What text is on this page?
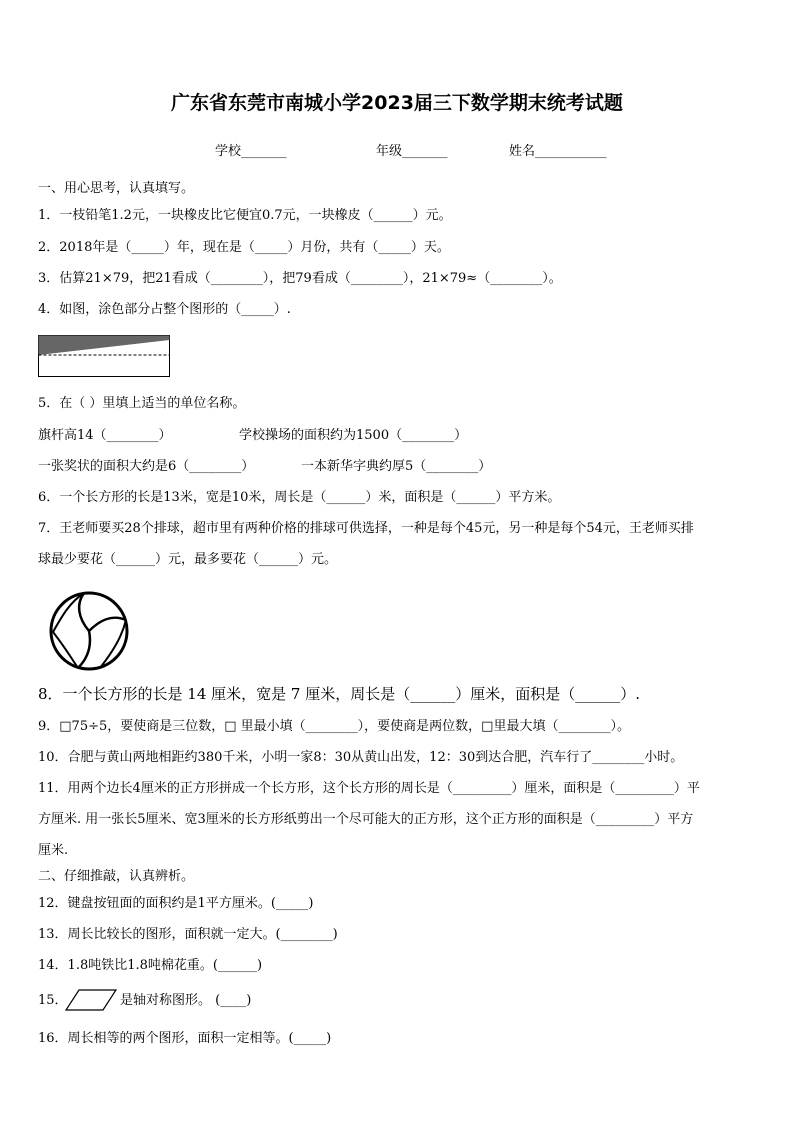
广东省东莞市南城小学2023届三下数学期末统考试题
学校_______	年级_______	姓名___________
一、用心思考，认真填写。
1．一枝铅笔1.2元，一块橡皮比它便宜0.7元，一块橡皮（______）元。
2．2018年是（_____）年，现在是（_____）月份，共有（_____）天。
3．估算21×79，把21看成（________），把79看成（________），21×79≈（________）。
4．如图，涂色部分占整个图形的（_____）.
5．在（ ）里填上适当的单位名称。
旗杆高14（________）	学校操场的面积约为1500（________）
一张奖状的面积大约是6（________）	一本新华字典约厚5（________）
6．一个长方形的长是13米，宽是10米，周长是（______）米，面积是（______）平方米。
7．王老师要买28个排球，超市里有两种价格的排球可供选择，一种是每个45元，另一种是每个54元，王老师买排
球最少要花（______）元，最多要花（______）元。
8．一个长方形的长是 14 厘米，宽是 7 厘米，周长是（______）厘米，面积是（______）.
9．□75÷5，要使商是三位数，□ 里最小填（________），要使商是两位数，□里最大填（________）。
10．合肥与黄山两地相距约380千米，小明一家8：30从黄山出发，12：30到达合肥，汽车行了________小时。
11．用两个边长4厘米的正方形拼成一个长方形，这个长方形的周长是（_________）厘米，面积是（_________）平
方厘米. 用一张长5厘米、宽3厘米的长方形纸剪出一个尽可能大的正方形，这个正方形的面积是（_________）平方
厘米.
二、仔细推敲，认真辨析。
12．键盘按钮面的面积约是1平方厘米。(_____)
13．周长比较长的图形，面积就一定大。(________)
14．1.8吨铁比1.8吨棉花重。(______)
15．	是轴对称图形。 (____)
16．周长相等的两个图形，面积一定相等。(_____)
